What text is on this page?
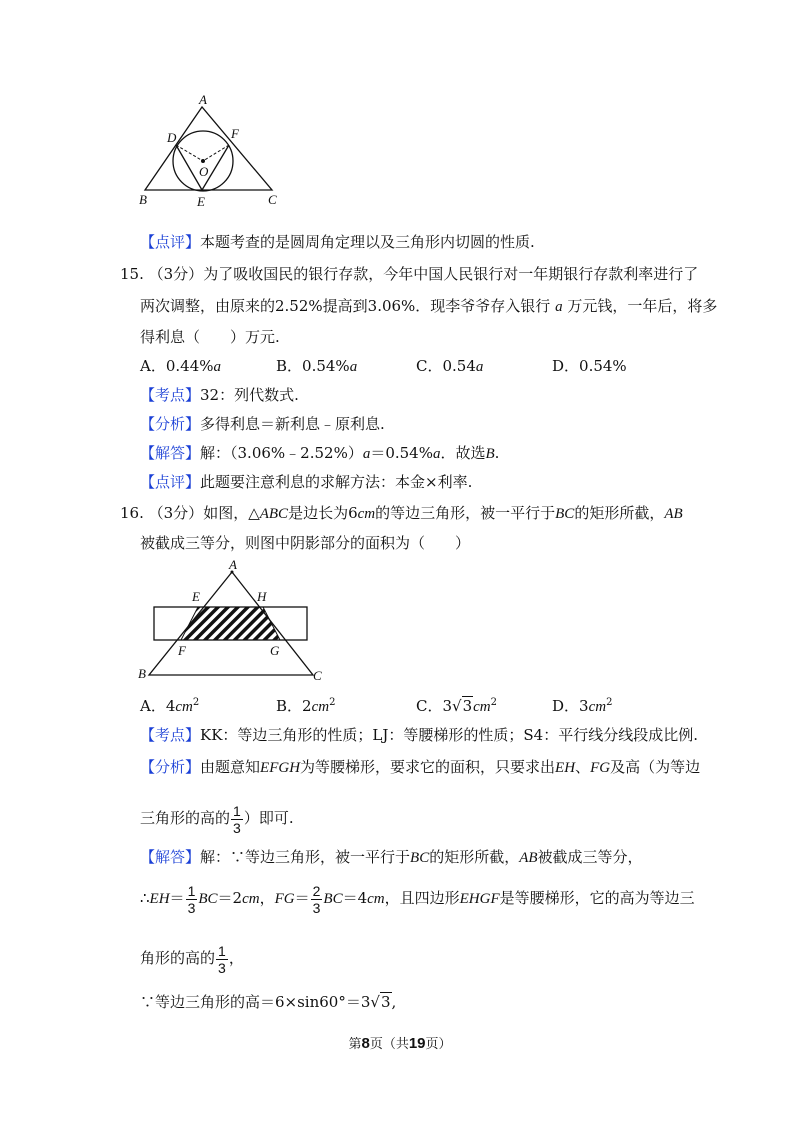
A
D	F
O
B	E	C
【点评】本题考查的是圆周角定理以及三角形内切圆的性质.
15. （3分）为了吸收国民的银行存款，今年中国人民银行对一年期银行存款利率进行了
两次调整，由原来的2.52%提高到3.06%．现李爷爷存入银行 a 万元钱，一年后，将多
得利息（　　）万元.
A．0.44%a	B．0.54%a	C．0.54a	D．0.54%
【考点】32：列代数式.
【分析】多得利息＝新利息﹣原利息.
【解答】解：（3.06%﹣2.52%）a＝0.54%a．故选B.
【点评】此题要注意利息的求解方法：本金×利率.
16. （3分）如图，△ABC是边长为6cm的等边三角形，被一平行于BC的矩形所截，AB
被截成三等分，则图中阴影部分的面积为（　　）
A
E	H
F	G
B	C
A．$4cm^2$	B．$2cm^2$	C．$3√3cm^2$	D．$3cm^2$
【考点】KK：等边三角形的性质；LJ：等腰梯形的性质；S4：平行线分线段成比例.
【分析】由题意知EFGH为等腰梯形，要求它的面积，只要求出EH、FG及高（为等边
三角形的高的 $\frac{1}{3}$ ）即可.
【解答】解：∵等边三角形，被一平行于BC的矩形所截，AB被截成三等分，
∴EH＝ $\frac{1}{3} BC=2cm$，$FG= \frac{2}{3} BC=4cm$，且四边形EHGF是等腰梯形，它的高为等边三
角形的高的 $\frac{1}{3}$ ，
∵等边三角形的高＝6×sin60°＝3√3,
第8页（共19页）
